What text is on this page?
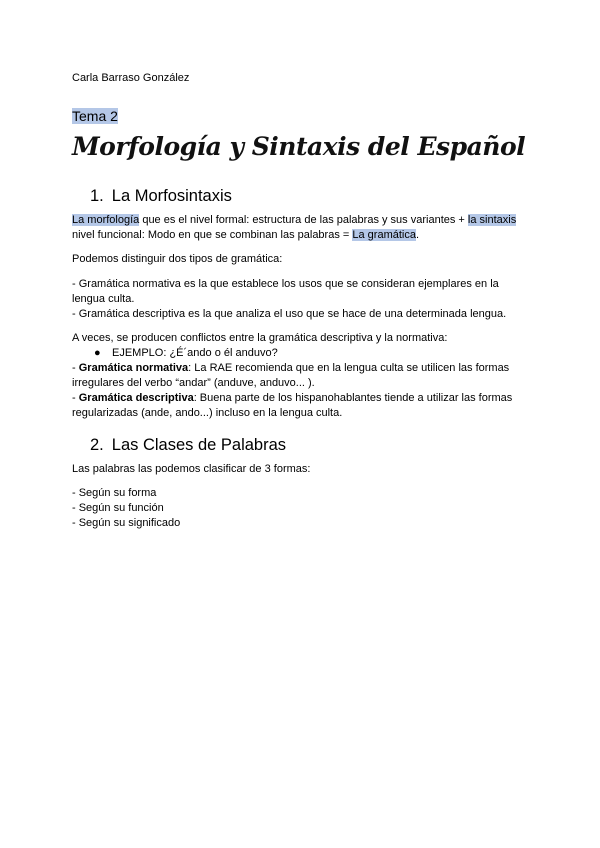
Carla Barraso González
Tema 2
Morfología y Sintaxis del Español
1. La Morfosintaxis
La morfología que es el nivel formal: estructura de las palabras y sus variantes + la sintaxis
nivel funcional: Modo en que se combinan las palabras = La gramática.
Podemos distinguir dos tipos de gramática:
- Gramática normativa es la que establece los usos que se consideran ejemplares en la
lengua culta.
- Gramática descriptiva es la que analiza el uso que se hace de una determinada lengua.
A veces, se producen conflictos entre la gramática descriptiva y la normativa:
● EJEMPLO: ¿É´ando o él anduvo?
- Gramática normativa: La RAE recomienda que en la lengua culta se utilicen las formas
irregulares del verbo “andar” (anduve, anduvo... ).
- Gramática descriptiva: Buena parte de los hispanohablantes tiende a utilizar las formas
regularizadas (ande, ando...) incluso en la lengua culta.
2. Las Clases de Palabras
Las palabras las podemos clasificar de 3 formas:
- Según su forma
- Según su función
- Según su significado
